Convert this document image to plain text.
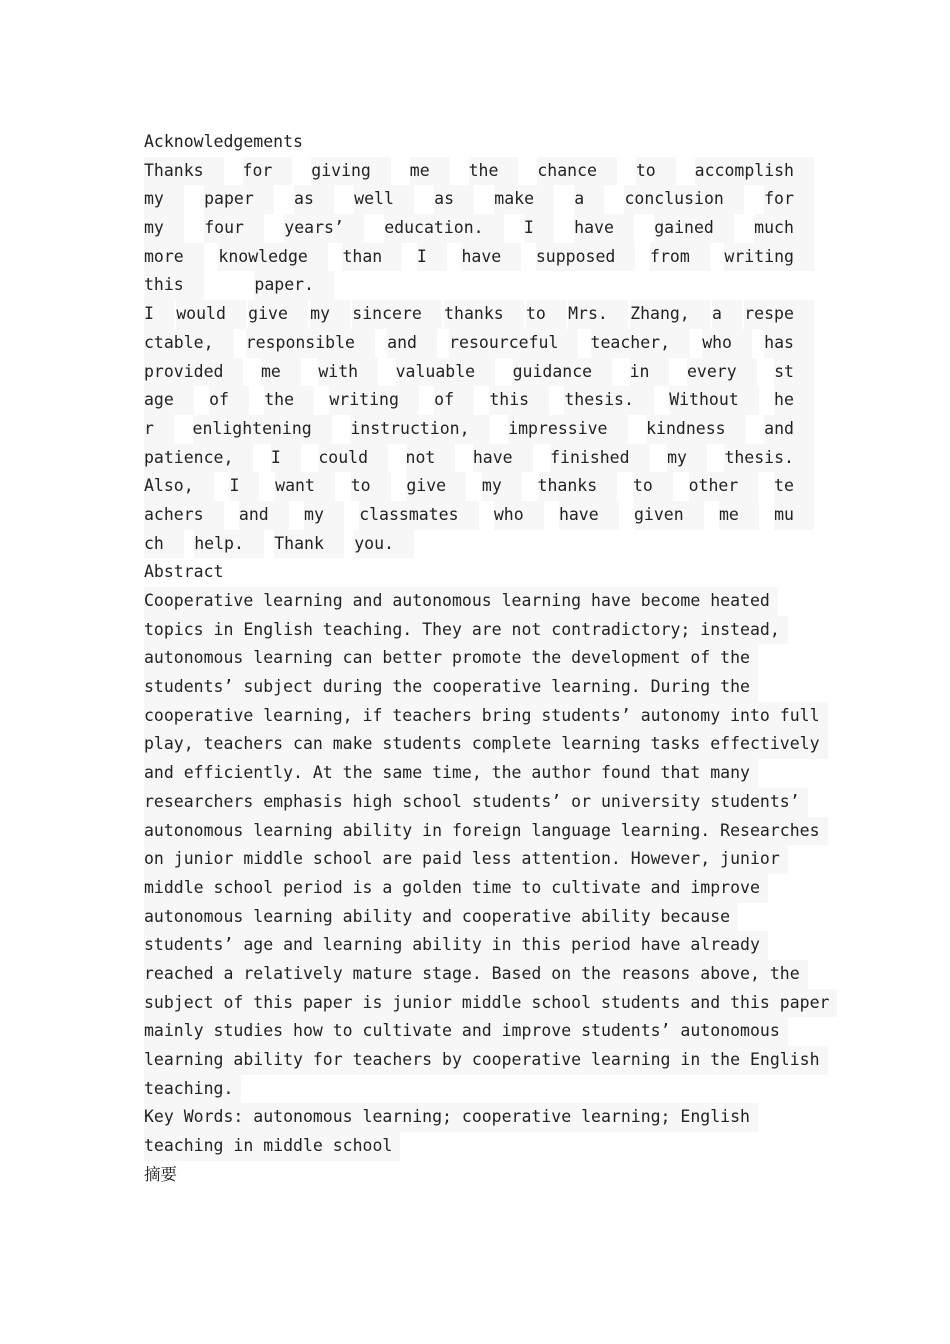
Acknowledgements
Thanks	for	giving	me	the	chance	to	accomplish
my	paper	as	well	as	make	a	conclusion	for
my	four	years’	education.	I	have	gained	much
more	knowledge	than	I	have	supposed	from	writing
this	paper.
I	would	give	my	sincere	thanks	to	Mrs.	Zhang,	a	respe
ctable,	responsible	and	resourceful	teacher,	who	has
provided	me	with	valuable	guidance	in	every	st
age	of	the	writing	of	this	thesis.	Without	he
r	enlightening	instruction,	impressive	kindness	and
patience,	I	could	not	have	finished	my	thesis.
Also,	I	want	to	give	my	thanks	to	other	te
achers	and	my	classmates	who	have	given	me	mu
ch	help.	Thank	you.
Abstract
Cooperative learning and autonomous learning have become heated
topics in English teaching. They are not contradictory; instead,
autonomous learning can better promote the development of the
students’ subject during the cooperative learning. During the
cooperative learning, if teachers bring students’ autonomy into full
play, teachers can make students complete learning tasks effectively
and efficiently. At the same time, the author found that many
researchers emphasis high school students’ or university students’
autonomous learning ability in foreign language learning. Researches
on junior middle school are paid less attention. However, junior
middle school period is a golden time to cultivate and improve
autonomous learning ability and cooperative ability because
students’ age and learning ability in this period have already
reached a relatively mature stage. Based on the reasons above, the
subject of this paper is junior middle school students and this paper
mainly studies how to cultivate and improve students’ autonomous
learning ability for teachers by cooperative learning in the English
teaching.
Key Words: autonomous learning; cooperative learning; English
teaching in middle school
摘要
